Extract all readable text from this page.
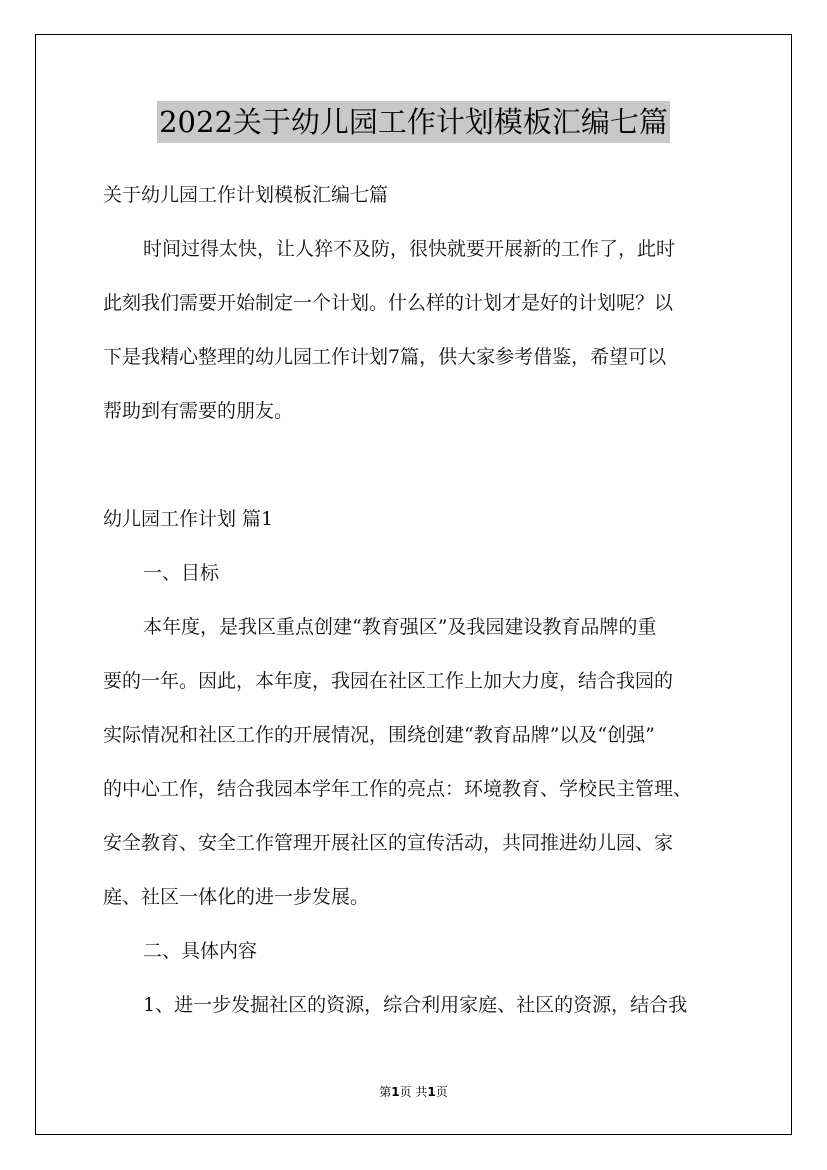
2022关于幼儿园工作计划模板汇编七篇
关于幼儿园工作计划模板汇编七篇
时间过得太快，让人猝不及防，很快就要开展新的工作了，此时
此刻我们需要开始制定一个计划。什么样的计划才是好的计划呢？以
下是我精心整理的幼儿园工作计划7篇，供大家参考借鉴，希望可以
帮助到有需要的朋友。
幼儿园工作计划 篇1
一、目标
本年度，是我区重点创建“教育强区”及我园建设教育品牌的重
要的一年。因此，本年度，我园在社区工作上加大力度，结合我园的
实际情况和社区工作的开展情况，围绕创建“教育品牌”以及“创强”
的中心工作，结合我园本学年工作的亮点：环境教育、学校民主管理、
安全教育、安全工作管理开展社区的宣传活动，共同推进幼儿园、家
庭、社区一体化的进一步发展。
二、具体内容
1、进一步发掘社区的资源，综合利用家庭、社区的资源，结合我
第1页 共1页
